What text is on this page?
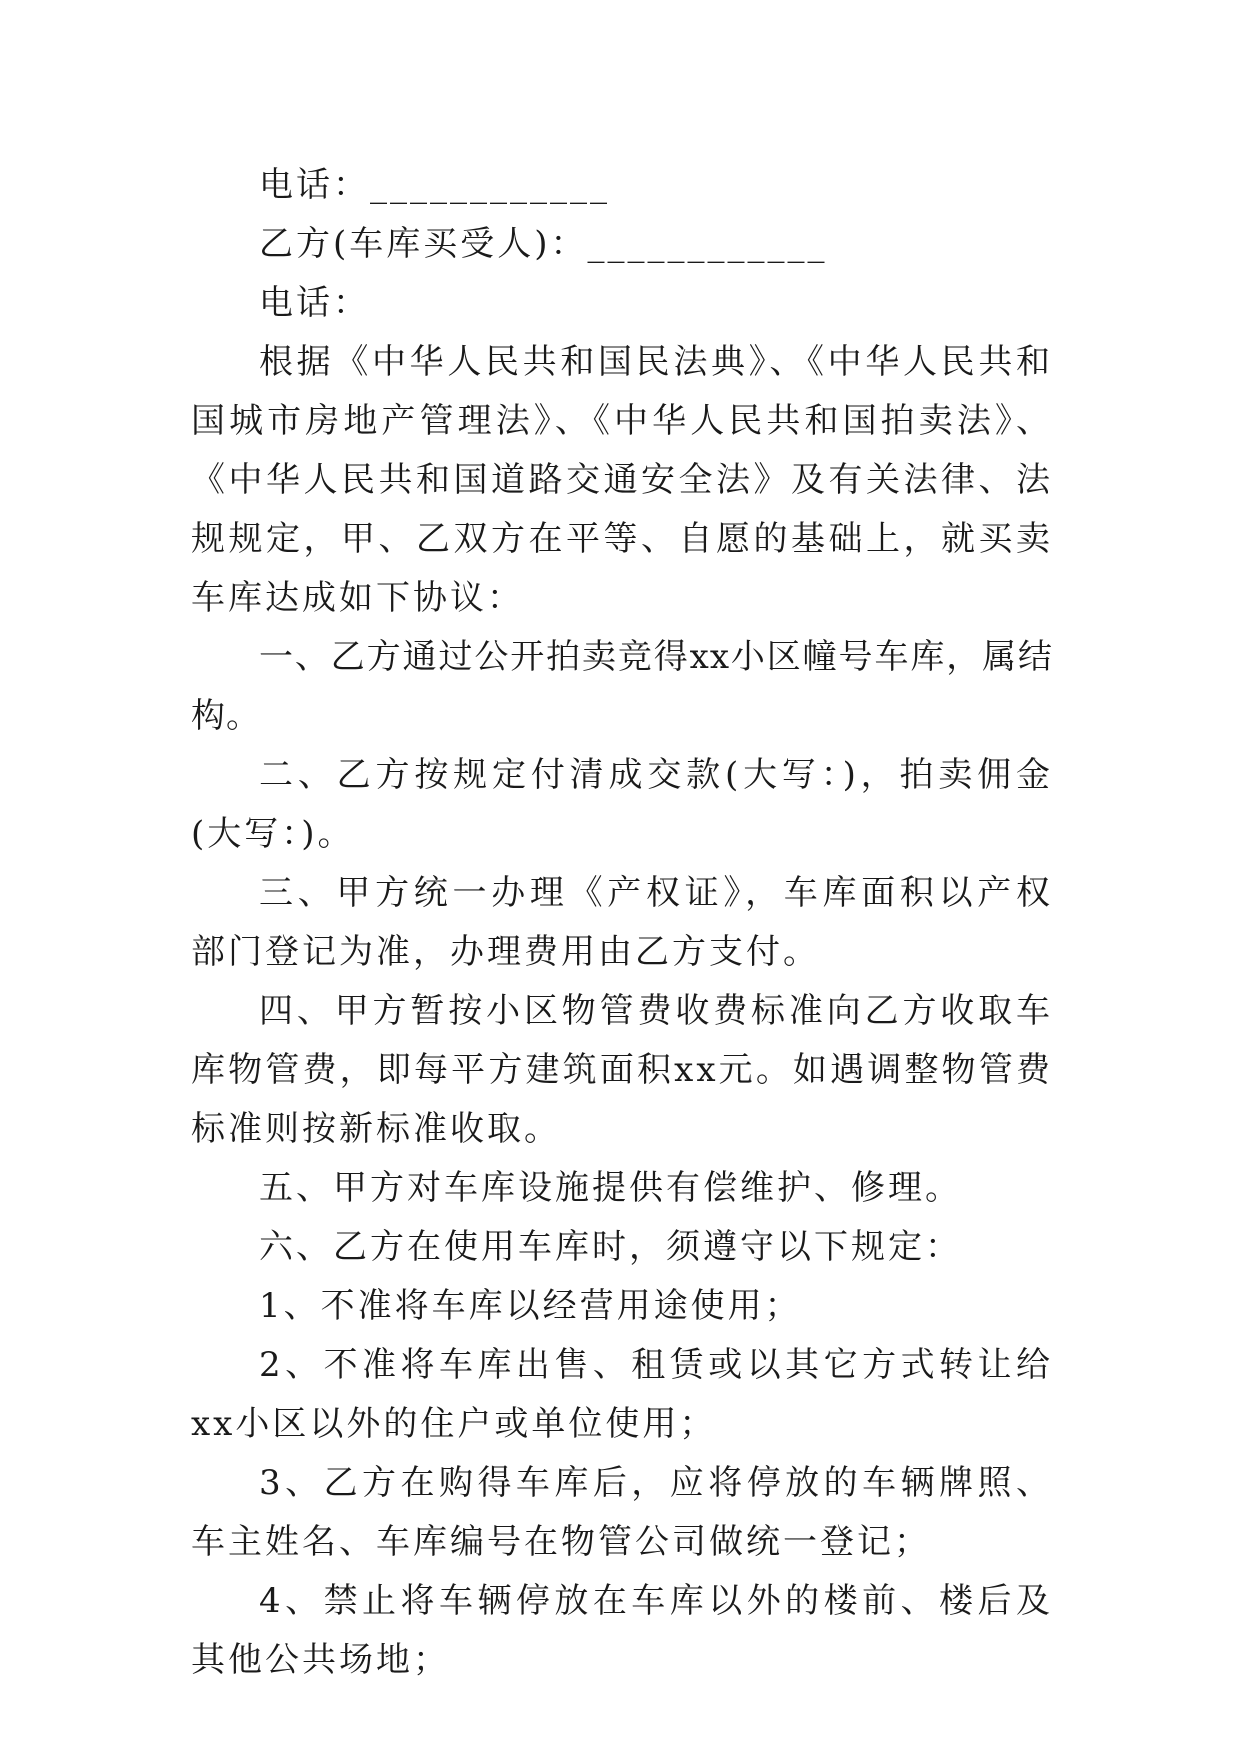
电话：____________

乙方(车库买受人)：____________

电话：

根据《中华人民共和国民法典》、《中华人民共和国城市房地产管理法》、《中华人民共和国拍卖法》、《中华人民共和国道路交通安全法》及有关法律、法规规定，甲、乙双方在平等、自愿的基础上，就买卖车库达成如下协议：

一、乙方通过公开拍卖竞得xx小区幢号车库，属结构。

二、乙方按规定付清成交款(大写：)，拍卖佣金(大写：)。

三、甲方统一办理《产权证》，车库面积以产权部门登记为准，办理费用由乙方支付。

四、甲方暂按小区物管费收费标准向乙方收取车库物管费，即每平方建筑面积xx元。如遇调整物管费标准则按新标准收取。

五、甲方对车库设施提供有偿维护、修理。

六、乙方在使用车库时，须遵守以下规定：

1、不准将车库以经营用途使用；

2、不准将车库出售、租赁或以其它方式转让给xx小区以外的住户或单位使用；

3、乙方在购得车库后，应将停放的车辆牌照、车主姓名、车库编号在物管公司做统一登记；

4、禁止将车辆停放在车库以外的楼前、楼后及其他公共场地；
